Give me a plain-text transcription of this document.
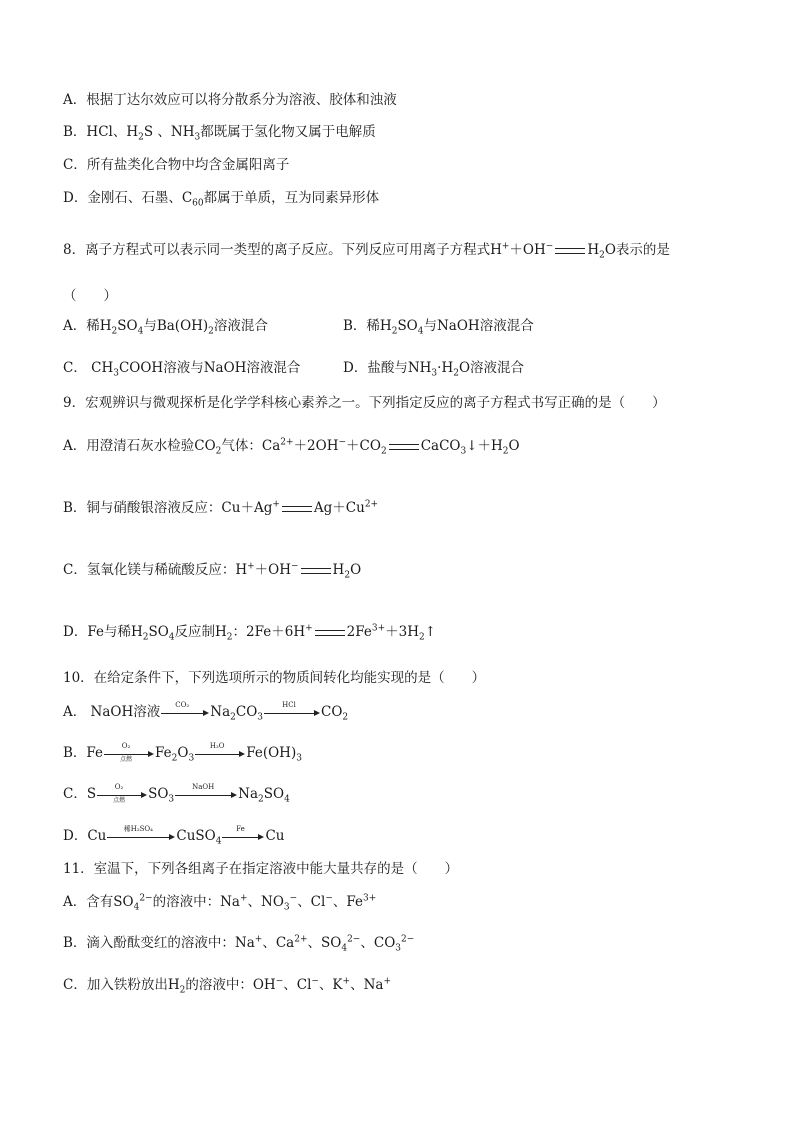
A．根据丁达尔效应可以将分散系分为溶液、胶体和浊液
B．HCl、$H_2S$ 、$NH_3$都既属于氢化物又属于电解质
C．所有盐类化合物中均含金属阳离子
D．金刚石、石墨、$C_{60}$都属于单质，互为同素异形体
8．离子方程式可以表示同一类型的离子反应。下列反应可用离子方程式H+＋OH−	$H_2O$表示的是
（　　）
A．稀$H_2SO_4$与$Ba(OH)_2$溶液混合	B．稀$H_2SO_4$与NaOH溶液混合
C． $CH_3COOH$溶液与NaOH溶液混合	D．盐酸与$NH_3\cdot H_2O$溶液混合
9．宏观辨识与微观探析是化学学科核心素养之一。下列指定反应的离子方程式书写正确的是（　　）
A．用澄清石灰水检验$CO_2$气体：$Ca^{2+}+2OH^-+CO_2$	$CaCO_3↓+H_2O$
B．铜与硝酸银溶液反应：Cu＋Ag+	$Ag+Cu^{2+}$
C．氢氧化镁与稀硫酸反应：H+＋OH−	$H_2O$
D．Fe与稀$H_2SO_4$反应制$H_2$：2Fe＋6H+	$2Fe^{3+}+3H_2↑$
10．在给定条件下，下列选项所示的物质间转化均能实现的是（　　）
A． NaOH溶液	CO₂	$Na_2CO_3$
HCl	$CO_2$
B．Fe	O₂
点燃	$Fe_2O_3$
H₂O	$Fe(OH)_3$
C．S	O₂
点燃	$SO_3$
NaOH	$Na_2SO_4$
D．Cu	稀H₂SO₄	CuSO$_4$
Fe	Cu
11．室温下，下列各组离子在指定溶液中能大量共存的是（　　）
A．含有$SO_4^{2-}$的溶液中：Na+、$NO_3^-$、Cl−、$Fe^{3+}$
B．滴入酚酞变红的溶液中：Na+、$Ca^{2+}$、$SO_4^{2-}$、$CO_3^{2-}$
C．加入铁粉放出$H_2$的溶液中：OH−、Cl−、K+、Na+
